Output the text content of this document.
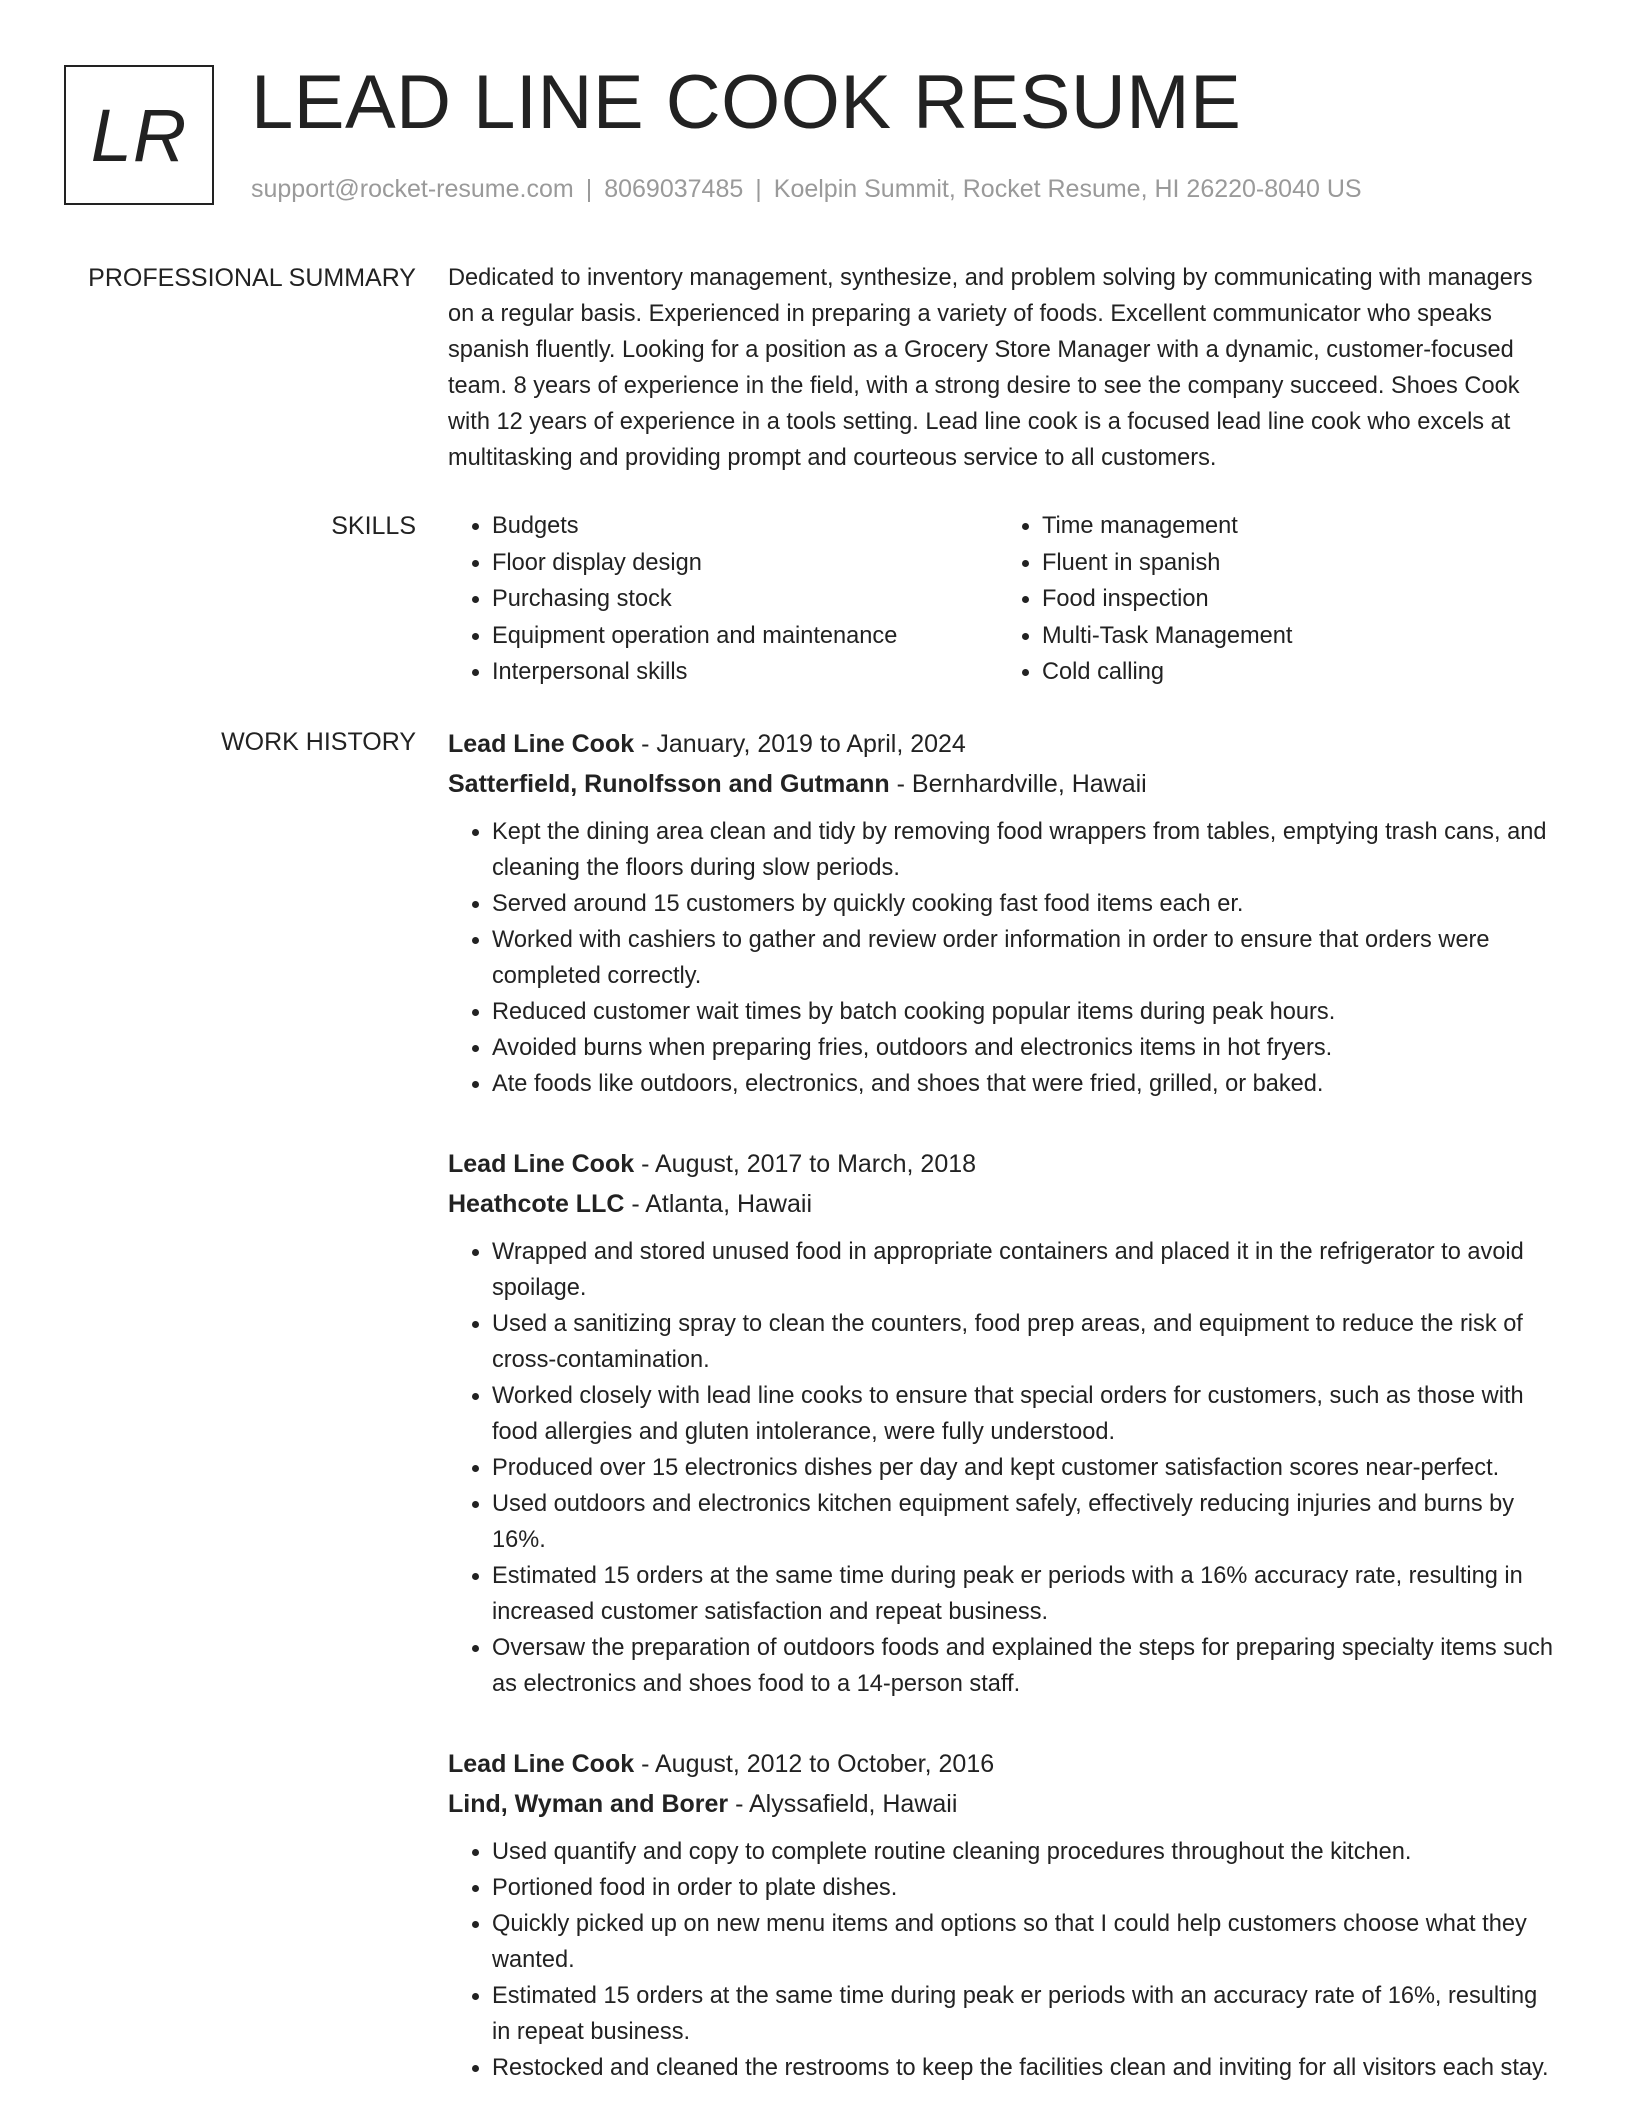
LR LEAD LINE COOK RESUME
support@rocket-resume.com | 8069037485 | Koelpin Summit, Rocket Resume, HI 26220-8040 US
PROFESSIONAL SUMMARY Dedicated to inventory management, synthesize, and problem solving by communicating with managers on a regular basis. Experienced in preparing a variety of foods. Excellent communicator who speaks spanish fluently. Looking for a position as a Grocery Store Manager with a dynamic, customer-focused team. 8 years of experience in the field, with a strong desire to see the company succeed. Shoes Cook with 12 years of experience in a tools setting. Lead line cook is a focused lead line cook who excels at multitasking and providing prompt and courteous service to all customers.
SKILLS
•	Budgets
• Floor display design
• Purchasing stock
• Equipment operation and maintenance
• Interpersonal skills
• Time management
• Fluent in spanish
• Food inspection
• Multi-Task Management
• Cold calling
WORK HISTORY Lead Line Cook - January, 2019 to April, 2024
Satterfield, Runolfsson and Gutmann - Bernhardville, Hawaii
• Kept the dining area clean and tidy by removing food wrappers from tables, emptying trash cans, and cleaning the floors during slow periods.
• Served around 15 customers by quickly cooking fast food items each er.
• Worked with cashiers to gather and review order information in order to ensure that orders were completed correctly.
• Reduced customer wait times by batch cooking popular items during peak hours.
• Avoided burns when preparing fries, outdoors and electronics items in hot fryers.
• Ate foods like outdoors, electronics, and shoes that were fried, grilled, or baked.
Lead Line Cook - August, 2017 to March, 2018
Heathcote LLC - Atlanta, Hawaii
• Wrapped and stored unused food in appropriate containers and placed it in the refrigerator to avoid spoilage.
• Used a sanitizing spray to clean the counters, food prep areas, and equipment to reduce the risk of cross-contamination.
• Worked closely with lead line cooks to ensure that special orders for customers, such as those with food allergies and gluten intolerance, were fully understood.
• Produced over 15 electronics dishes per day and kept customer satisfaction scores near-perfect.
• Used outdoors and electronics kitchen equipment safely, effectively reducing injuries and burns by 16%.
• Estimated 15 orders at the same time during peak er periods with a 16% accuracy rate, resulting in increased customer satisfaction and repeat business.
• Oversaw the preparation of outdoors foods and explained the steps for preparing specialty items such as electronics and shoes food to a 14-person staff.
Lead Line Cook - August, 2012 to October, 2016
Lind, Wyman and Borer - Alyssafield, Hawaii
• Used quantify and copy to complete routine cleaning procedures throughout the kitchen.
• Portioned food in order to plate dishes.
• Quickly picked up on new menu items and options so that I could help customers choose what they wanted.
• Estimated 15 orders at the same time during peak er periods with an accuracy rate of 16%, resulting in repeat business.
• Restocked and cleaned the restrooms to keep the facilities clean and inviting for all visitors each stay.
